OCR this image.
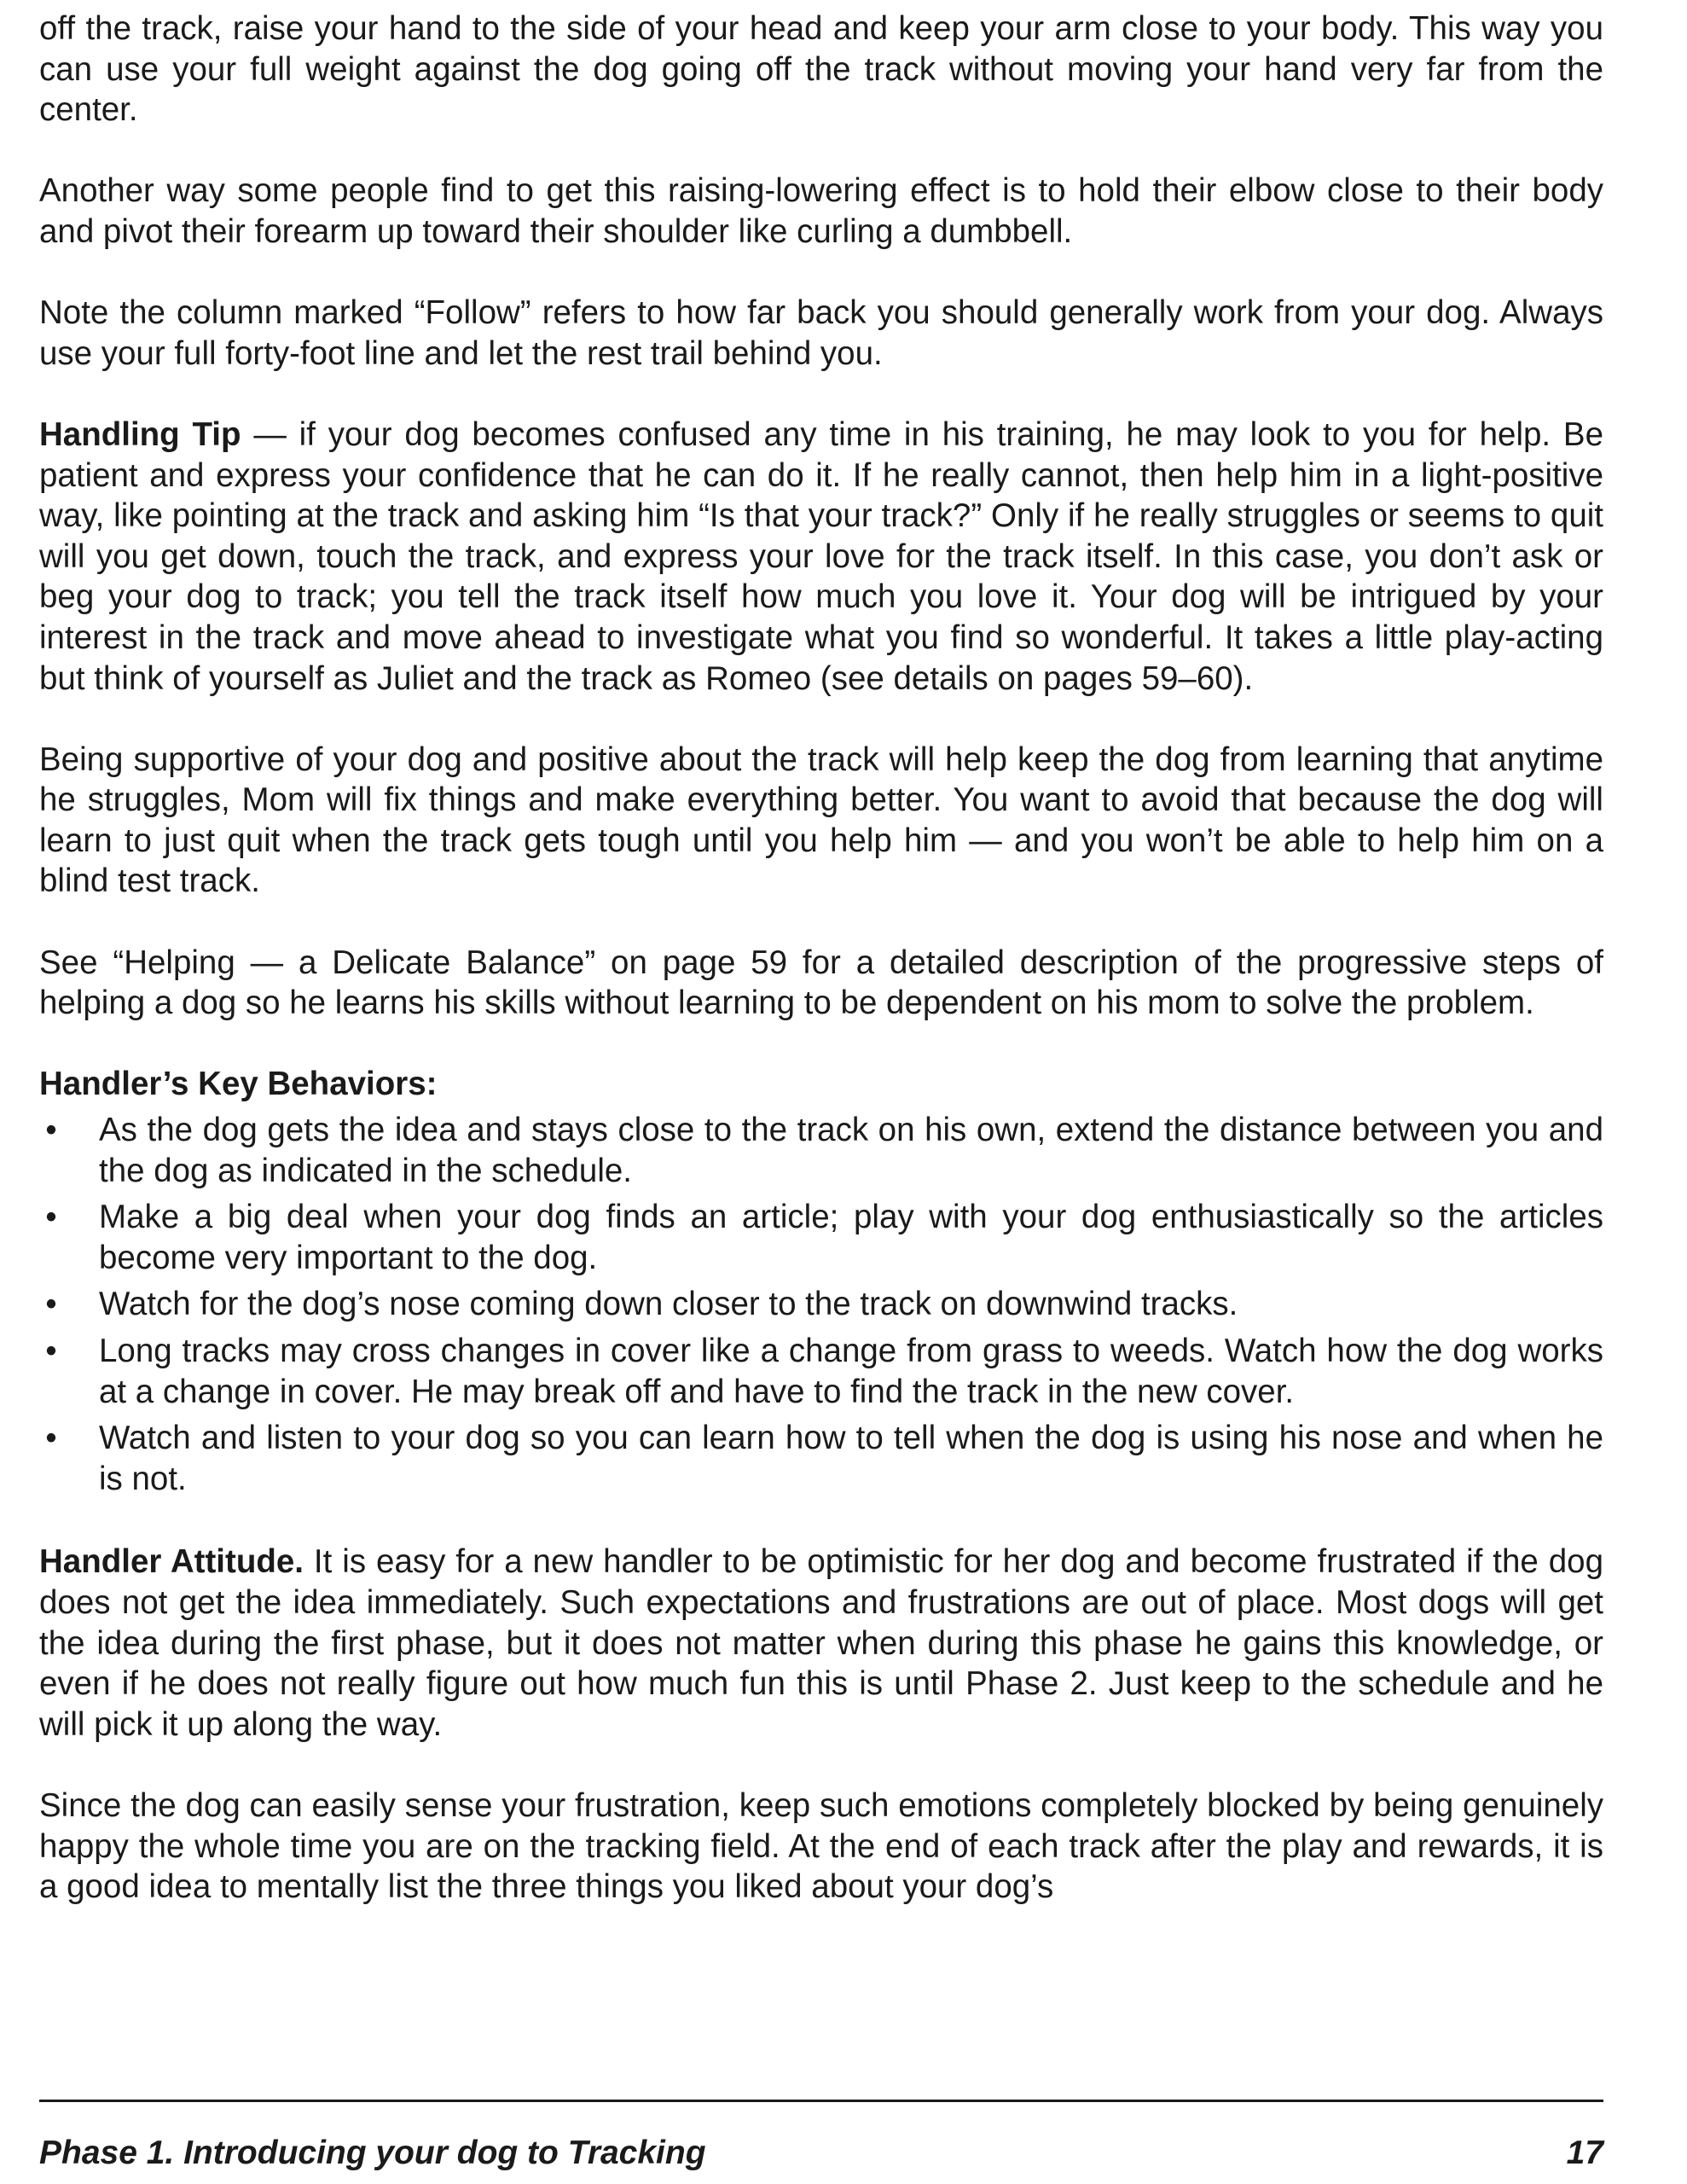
off the track, raise your hand to the side of your head and keep your arm close to your body. This way you can use your full weight against the dog going off the track without moving your hand very far from the center.

Another way some people find to get this raising-lowering effect is to hold their elbow close to their body and pivot their forearm up toward their shoulder like curling a dumbbell.

Note the column marked “Follow” refers to how far back you should generally work from your dog. Always use your full forty-foot line and let the rest trail behind you.

Handling Tip — if your dog becomes confused any time in his training, he may look to you for help. Be patient and express your confidence that he can do it. If he really cannot, then help him in a light-positive way, like pointing at the track and asking him “Is that your track?” Only if he really struggles or seems to quit will you get down, touch the track, and express your love for the track itself. In this case, you don’t ask or beg your dog to track; you tell the track itself how much you love it. Your dog will be intrigued by your interest in the track and move ahead to investigate what you find so wonderful. It takes a little play-acting but think of yourself as Juliet and the track as Romeo (see details on pages 59–60).

Being supportive of your dog and positive about the track will help keep the dog from learning that anytime he struggles, Mom will fix things and make everything better. You want to avoid that because the dog will learn to just quit when the track gets tough until you help him — and you won’t be able to help him on a blind test track.

See “Helping — a Delicate Balance” on page 59 for a detailed description of the progressive steps of helping a dog so he learns his skills without learning to be dependent on his mom to solve the problem.

Handler’s Key Behaviors:
• As the dog gets the idea and stays close to the track on his own, extend the distance between you and the dog as indicated in the schedule.
• Make a big deal when your dog finds an article; play with your dog enthusiastically so the articles become very important to the dog.
• Watch for the dog’s nose coming down closer to the track on downwind tracks.
• Long tracks may cross changes in cover like a change from grass to weeds. Watch how the dog works at a change in cover. He may break off and have to find the track in the new cover.
• Watch and listen to your dog so you can learn how to tell when the dog is using his nose and when he is not.

Handler Attitude. It is easy for a new handler to be optimistic for her dog and become frustrated if the dog does not get the idea immediately. Such expectations and frustrations are out of place. Most dogs will get the idea during the first phase, but it does not matter when during this phase he gains this knowledge, or even if he does not really figure out how much fun this is until Phase 2. Just keep to the schedule and he will pick it up along the way.

Since the dog can easily sense your frustration, keep such emotions completely blocked by being genuinely happy the whole time you are on the tracking field. At the end of each track after the play and rewards, it is a good idea to mentally list the three things you liked about your dog’s

Phase 1. Introducing your dog to Tracking	17
